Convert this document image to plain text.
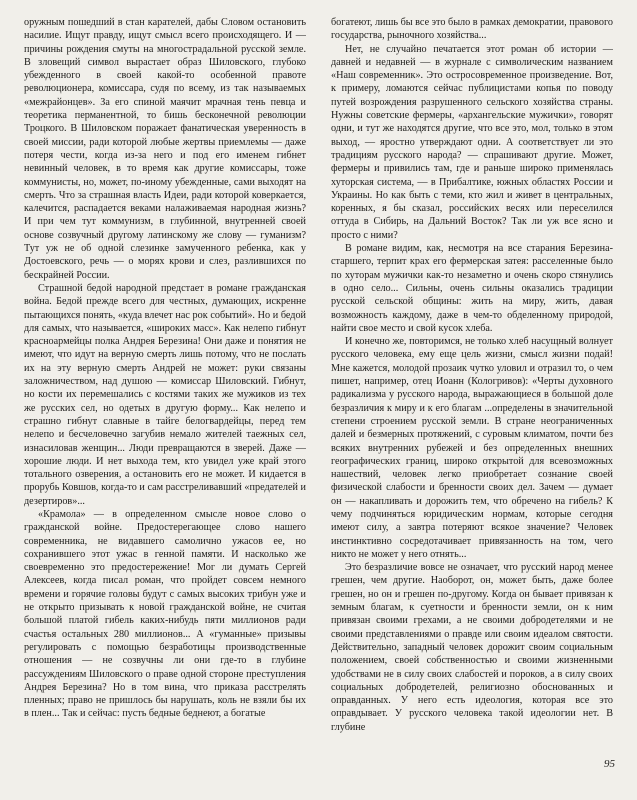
оружным пошедший в стан карателей, дабы Словом остановить насилие. Ищут правду, ищут смысл всего происходящего. И — причины рождения смуты на многострадальной русской земле. В зловещий символ вырастает образ Шиловского, глубоко убежденного в своей какой-то особенной правоте революционера, комиссара, судя по всему, из так называемых «межрайонцев». За его спиной маячит мрачная тень певца и теоретика перманентной, то бишь бесконечной революции Троцкого. В Шиловском поражает фанатическая уверенность в своей миссии, ради которой любые жертвы приемлемы — даже потеря чести, когда из-за него и под его именем гибнет невинный человек, в то время как другие комиссары, тоже коммунисты, но, может, по-иному убежденные, сами выходят на смерть. Что за страшная власть Идеи, ради которой коверкается, калечится, распадается веками налаживаемая народная жизнь? И при чем тут коммунизм, в глубинной, внутренней своей основе созвучный другому латинскому же слову — гуманизм? Тут уж не об одной слезинке замученного ребенка, как у Достоевского, речь — о морях крови и слез, разлившихся по бескрайней России.

Страшной бедой народной предстает в романе гражданская война. Бедой прежде всего для честных, думающих, искренне пытающихся понять, «куда влечет нас рок событий». Но и бедой для самых, что называется, «широких масс». Как нелепо гибнут красноармейцы полка Андрея Березина! Они даже и понятия не имеют, что идут на верную смерть лишь потому, что не послать их на эту верную смерть Андрей не может: руки связаны заложничеством, над душою — комиссар Шиловский. Гибнут, но кости их перемешались с костями таких же мужиков из тех же русских сел, но одетых в другую форму... Как нелепо и страшно гибнут славные в тайге белогвардейцы, перед тем нелепо и бесчеловечно загубив немало жителей таежных сел, изнасиловав женщин... Люди превращаются в зверей. Даже — хорошие люди. И нет выхода тем, кто увидел уже край этого тотального озверения, а остановить его не может. И кидается в прорубь Ковшов, когда-то и сам расстреливавший «предателей и дезертиров»...

«Крамола» — в определенном смысле новое слово о гражданской войне. Предостерегающее слово нашего современника, не видавшего самолично ужасов ее, но сохранившего этот ужас в генной памяти. И насколько же своевременно это предостережение! Мог ли думать Сергей Алексеев, когда писал роман, что пройдет совсем немного времени и горячие головы будут с самых высоких трибун уже и не открыто призывать к новой гражданской войне, не считая большой платой гибель каких-нибудь пяти миллионов ради счастья остальных 280 миллионов... А «гуманные» призывы регулировать с помощью безработицы производственные отношения — не созвучны ли они где-то в глубине рассуждениям Шиловского о праве одной стороне преступления Андрея Березина? Но в том вина, что приказа расстрелять пленных; право не пришлось бы нарушать, коль не взяли бы их в плен... Так и сейчас: пусть бедные беднеют, а богатые

богатеют, лишь бы все это было в рамках демократии, правового государства, рыночного хозяйства...

Нет, не случайно печатается этот роман об истории — давней и недавней — в журнале с символическим названием «Наш современник». Это остросовременное произведение. Вот, к примеру, ломаются сейчас публицистами копья по поводу путей возрождения разрушенного сельского хозяйства страны. Нужны советские фермеры, «архангельские мужички», говорят одни, и тут же находятся другие, что все это, мол, только в этом выход, — яростно утверждают одни. А соответствует ли это традициям русского народа? — спрашивают другие. Может, фермеры и привились там, где и раньше широко применялась хуторская система, — в Прибалтике, южных областях России и Украины. Но как быть с теми, кто жил и живет в центральных, коренных, я бы сказал, российских весях или переселился оттуда в Сибирь, на Дальний Восток? Так ли уж все ясно и просто с ними?

В романе видим, как, несмотря на все старания Березина-старшего, терпит крах его фермерская затея: расселенные было по хуторам мужички как-то незаметно и очень скоро стянулись в одно село... Сильны, очень сильны оказались традиции русской сельской общины: жить на миру, жить, давая возможность каждому, даже в чем-то обделенному природой, найти свое место и свой кусок хлеба.

И конечно же, повторимся, не только хлеб насущный волнует русского человека, ему еще цель жизни, смысл жизни подай! Мне кажется, молодой прозаик чутко уловил и отразил то, о чем пишет, например, отец Иоанн (Кологривов): «Черты духовного радикализма у русского народа, выражающиеся в большой доле безразличия к миру и к его благам ...определены в значительной степени строением русской земли. В стране неограниченных далей и безмерных протяжений, с суровым климатом, почти без всяких внутренних рубежей и без определенных внешних географических границ, широко открытой для всевозможных нашествий, человек легко приобретает сознание своей физической слабости и бренности своих дел. Зачем — думает он — накапливать и дорожить тем, что обречено на гибель? К чему подчиняться юридическим нормам, которые сегодня имеют силу, а завтра потеряют всякое значение? Человек инстинктивно сосредотачивает привязанность на том, чего никто не может у него отнять...

Это безразличие вовсе не означает, что русский народ менее грешен, чем другие. Наоборот, он, может быть, даже более грешен, но он и грешен по-другому. Когда он бывает привязан к земным благам, к суетности и бренности земли, он к ним привязан своими грехами, а не своими добродетелями и не своими представлениями о правде или своим идеалом святости. Действительно, западный человек дорожит своим социальным положением, своей собственностью и своими жизненными удобствами не в силу своих слабостей и пороков, а в силу своих социальных добродетелей, религиозно обоснованных и оправданных. У него есть идеология, которая все это оправдывает. У русского человека такой идеологии нет. В глубине

95
